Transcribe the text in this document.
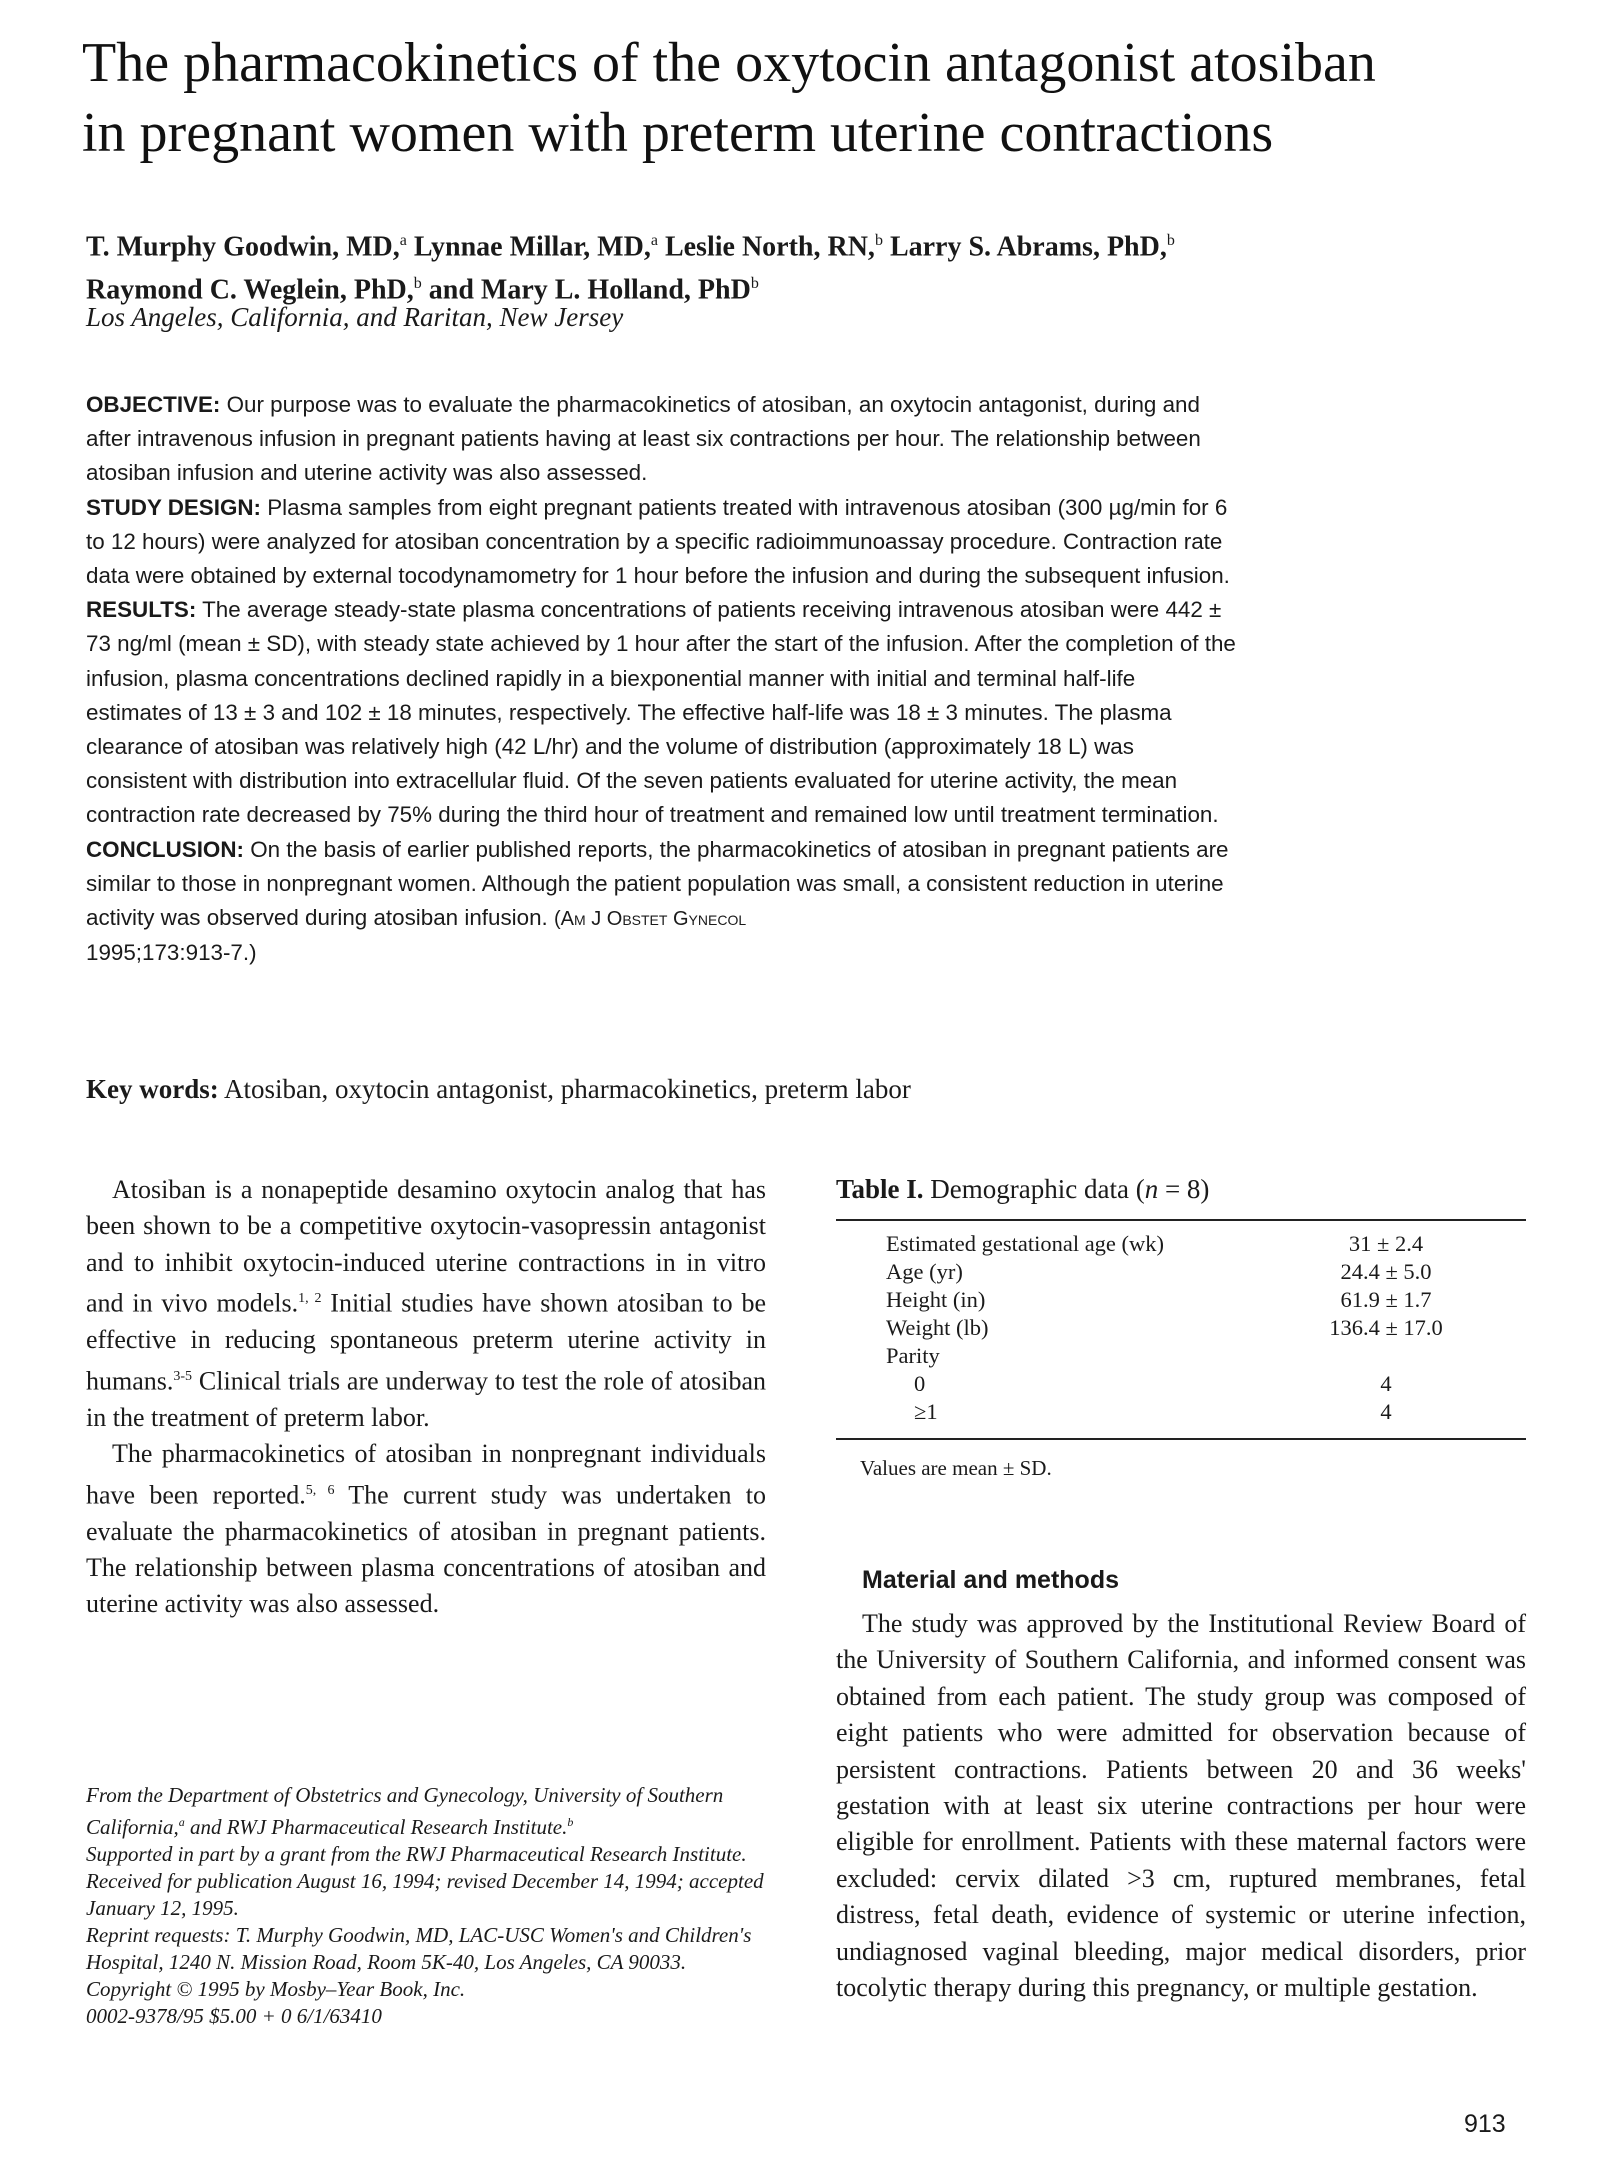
The pharmacokinetics of the oxytocin antagonist atosiban
in pregnant women with preterm uterine contractions
T. Murphy Goodwin, MD,$^a$ Lynnae Millar, MD,$^a$ Leslie North, RN,$^b$ Larry S. Abrams, PhD,$^b$
Raymond C. Weglein, PhD,$^b$ and Mary L. Holland, PhD$^b$
Los Angeles, California, and Raritan, New Jersey

OBJECTIVE: Our purpose was to evaluate the pharmacokinetics of atosiban, an oxytocin antagonist, during and after intravenous infusion in pregnant patients having at least six contractions per hour. The relationship between atosiban infusion and uterine activity was also assessed.

STUDY DESIGN: Plasma samples from eight pregnant patients treated with intravenous atosiban (300 µg/min for 6 to 12 hours) were analyzed for atosiban concentration by a specific radioimmunoassay procedure. Contraction rate data were obtained by external tocodynamometry for 1 hour before the infusion and during the subsequent infusion.

RESULTS: The average steady-state plasma concentrations of patients receiving intravenous atosiban were 442 ± 73 ng/ml (mean ± SD), with steady state achieved by 1 hour after the start of the infusion. After the completion of the infusion, plasma concentrations declined rapidly in a biexponential manner with initial and terminal half-life estimates of 13 ± 3 and 102 ± 18 minutes, respectively. The effective half-life was 18 ± 3 minutes. The plasma clearance of atosiban was relatively high (42 L/hr) and the volume of distribution (approximately 18 L) was consistent with distribution into extracellular fluid. Of the seven patients evaluated for uterine activity, the mean contraction rate decreased by 75% during the third hour of treatment and remained low until treatment termination.

CONCLUSION: On the basis of earlier published reports, the pharmacokinetics of atosiban in pregnant patients are similar to those in nonpregnant women. Although the patient population was small, a consistent reduction in uterine activity was observed during atosiban infusion. (Am J Obstet Gynecol
1995;173:913-7.)

Key words: Atosiban, oxytocin antagonist, pharmacokinetics, preterm labor

Atosiban is a nonapeptide desamino oxytocin analog that has been shown to be a competitive oxytocin-vasopressin antagonist and to inhibit oxytocin-induced uterine contractions in in vitro and in vivo models.$^{1, 2}$ Initial studies have shown atosiban to be effective in reducing spontaneous preterm uterine activity in humans.$^{3-5}$ Clinical trials are underway to test the role of atosiban in the treatment of preterm labor.

The pharmacokinetics of atosiban in nonpregnant individuals have been reported.$^{5, 6}$ The current study was undertaken to evaluate the pharmacokinetics of atosiban in pregnant patients. The relationship between plasma concentrations of atosiban and uterine activity was also assessed.

From the Department of Obstetrics and Gynecology, University of Southern California,$^a$ and RWJ Pharmaceutical Research Institute.$^b$

Supported in part by a grant from the RWJ Pharmaceutical Research Institute.

Received for publication August 16, 1994; revised December 14, 1994; accepted January 12, 1995.

Reprint requests: T. Murphy Goodwin, MD, LAC-USC Women's and Children's Hospital, 1240 N. Mission Road, Room 5K-40, Los Angeles, CA 90033.

Copyright © 1995 by Mosby–Year Book, Inc.

0002-9378/95 $5.00 + 0 6/1/63410

Table I. Demographic data (n = 8)
Estimated gestational age (wk)	31 ± 2.4
Age (yr)	24.4 ± 5.0
Height (in)	61.9 ± 1.7
Weight (lb)	136.4 ± 17.0
Parity	
0	4
≥1	4
Values are mean ± SD.
Material and methods

The study was approved by the Institutional Review Board of the University of Southern California, and informed consent was obtained from each patient. The study group was composed of eight patients who were admitted for observation because of persistent contractions. Patients between 20 and 36 weeks' gestation with at least six uterine contractions per hour were eligible for enrollment. Patients with these maternal factors were excluded: cervix dilated >3 cm, ruptured membranes, fetal distress, fetal death, evidence of systemic or uterine infection, undiagnosed vaginal bleeding, major medical disorders, prior tocolytic therapy during this pregnancy, or multiple gestation.

913
